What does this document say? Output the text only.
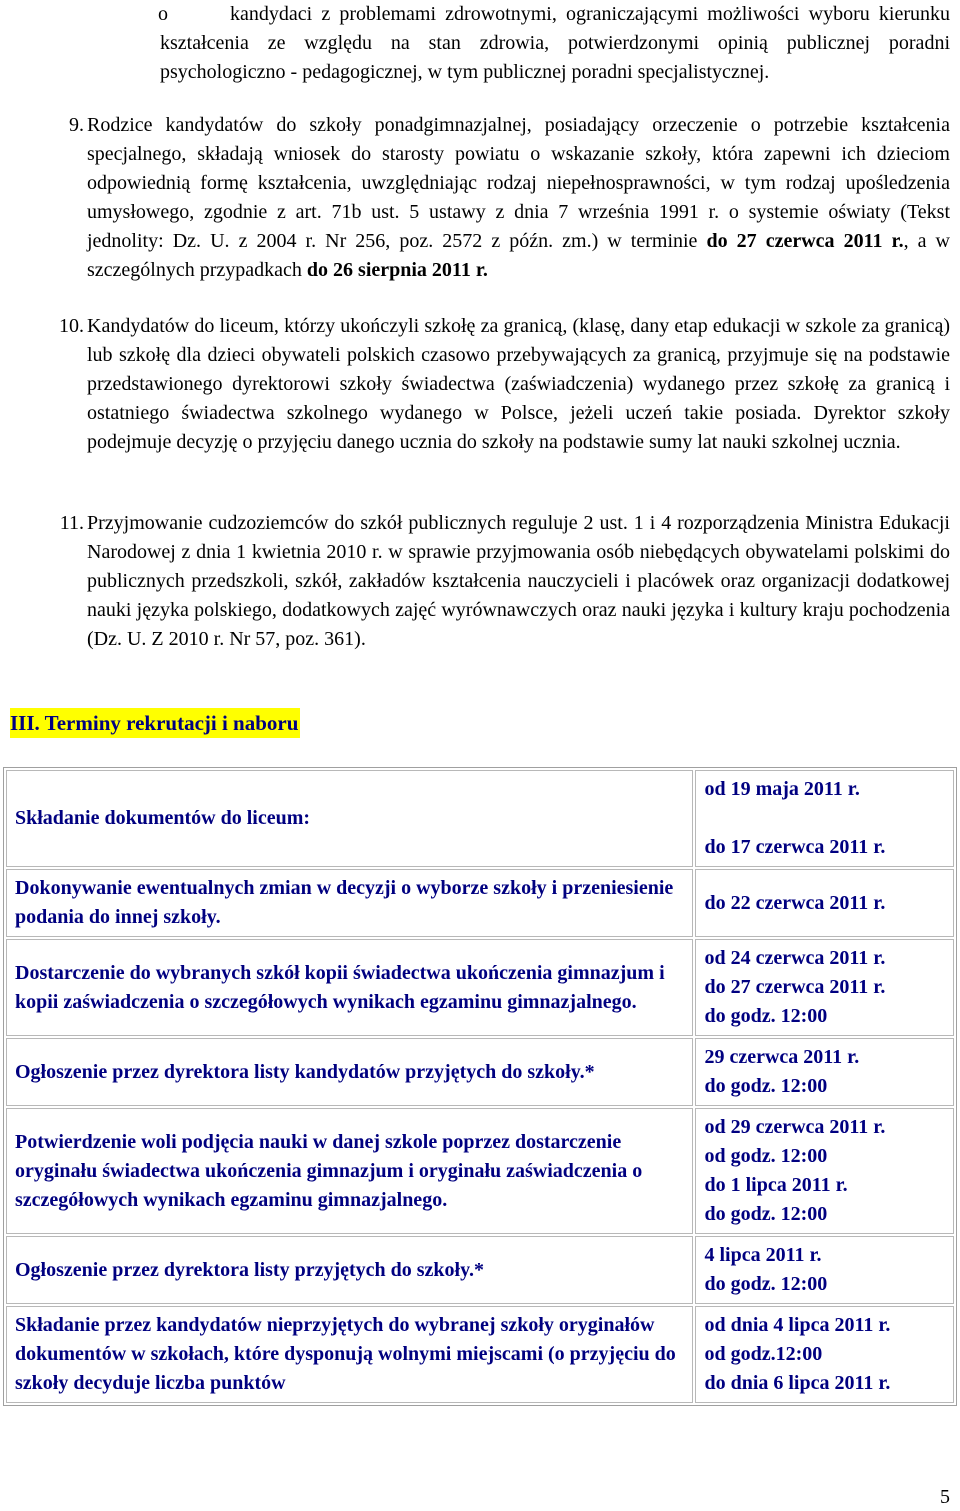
o	kandydaci z problemami zdrowotnymi, ograniczającymi możliwości wyboru kierunku kształcenia ze względu na stan zdrowia, potwierdzonymi opinią publicznej poradni psychologiczno - pedagogicznej, w tym publicznej poradni specjalistycznej.

9. Rodzice kandydatów do szkoły ponadgimnazjalnej, posiadający orzeczenie o potrzebie kształcenia specjalnego, składają wniosek do starosty powiatu o wskazanie szkoły, która zapewni ich dzieciom odpowiednią formę kształcenia, uwzględniając rodzaj niepełnosprawności, w tym rodzaj upośledzenia umysłowego, zgodnie z art. 71b ust. 5 ustawy z dnia 7 września 1991 r. o systemie oświaty (Tekst jednolity: Dz. U. z 2004 r. Nr 256, poz. 2572 z późn. zm.) w terminie do 27 czerwca 2011 r., a w szczególnych przypadkach do 26 sierpnia 2011 r.

10. Kandydatów do liceum, którzy ukończyli szkołę za granicą, (klasę, dany etap edukacji w szkole za granicą) lub szkołę dla dzieci obywateli polskich czasowo przebywających za granicą, przyjmuje się na podstawie przedstawionego dyrektorowi szkoły świadectwa (zaświadczenia) wydanego przez szkołę za granicą i ostatniego świadectwa szkolnego wydanego w Polsce, jeżeli uczeń takie posiada. Dyrektor szkoły podejmuje decyzję o przyjęciu danego ucznia do szkoły na podstawie sumy lat nauki szkolnej ucznia.

11. Przyjmowanie cudzoziemców do szkół publicznych reguluje 2 ust. 1 i 4 rozporządzenia Ministra Edukacji Narodowej z dnia 1 kwietnia 2010 r. w sprawie przyjmowania osób niebędących obywatelami polskimi do publicznych przedszkoli, szkół, zakładów kształcenia nauczycieli i placówek oraz organizacji dodatkowej nauki języka polskiego, dodatkowych zajęć wyrównawczych oraz nauki języka i kultury kraju pochodzenia (Dz. U. Z 2010 r. Nr 57, poz. 361).

III. Terminy rekrutacji i naboru
Składanie dokumentów do liceum:	od 19 maja 2011 r.

do 17 czerwca 2011 r.

Dokonywanie ewentualnych zmian w decyzji o wyborze szkoły i przeniesienie podania do innej szkoły.	do 22 czerwca 2011 r.

Dostarczenie do wybranych szkół kopii świadectwa ukończenia gimnazjum i kopii zaświadczenia o szczegółowych wynikach egzaminu gimnazjalnego.	od 24 czerwca 2011 r.
do 27 czerwca 2011 r.
do godz. 12:00

Ogłoszenie przez dyrektora listy kandydatów przyjętych do szkoły.*	29 czerwca 2011 r.
do godz. 12:00

Potwierdzenie woli podjęcia nauki w danej szkole poprzez dostarczenie oryginału świadectwa ukończenia gimnazjum i oryginału zaświadczenia o szczegółowych wynikach egzaminu gimnazjalnego.	od 29 czerwca 2011 r.
od godz. 12:00
do 1 lipca 2011 r.
do godz. 12:00

Ogłoszenie przez dyrektora listy przyjętych do szkoły.*	4 lipca 2011 r.
do godz. 12:00

Składanie przez kandydatów nieprzyjętych do wybranej szkoły oryginałów dokumentów w szkołach, które dysponują wolnymi miejscami (o przyjęciu do szkoły decyduje liczba punktów	od dnia 4 lipca 2011 r.
od godz.12:00
do dnia 6 lipca 2011 r.
5
